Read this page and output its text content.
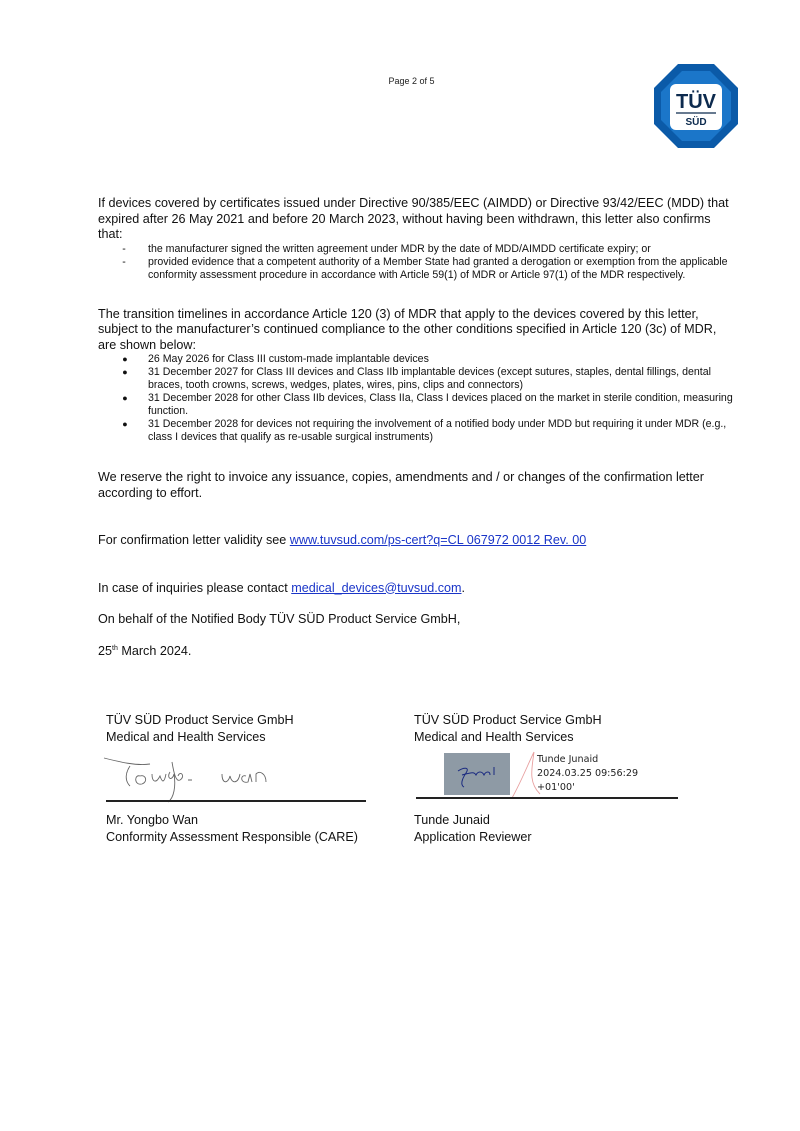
Page 2 of 5
TÜV
SÜD

If devices covered by certificates issued under Directive 90/385/EEC (AIMDD) or Directive 93/42/EEC (MDD) that expired after 26 May 2021 and before 20 March 2023, without having been withdrawn, this letter also confirms that:

-	the manufacturer signed the written agreement under MDR by the date of MDD/AIMDD certificate expiry; or
-	provided evidence that a competent authority of a Member State had granted a derogation or exemption from the applicable conformity assessment procedure in accordance with Article 59(1) of MDR or Article 97(1) of the MDR respectively.

The transition timelines in accordance Article 120 (3) of MDR that apply to the devices covered by this letter, subject to the manufacturer’s continued compliance to the other conditions specified in Article 120 (3c) of MDR, are shown below:

● 26 May 2026 for Class III custom-made implantable devices
● 31 December 2027 for Class III devices and Class IIb implantable devices (except sutures, staples, dental fillings, dental braces, tooth crowns, screws, wedges, plates, wires, pins, clips and connectors)
● 31 December 2028 for other Class IIb devices, Class IIa, Class I devices placed on the market in sterile condition, measuring function.
● 31 December 2028 for devices not requiring the involvement of a notified body under MDD but requiring it under MDR (e.g., class I devices that qualify as re-usable surgical instruments)

We reserve the right to invoice any issuance, copies, amendments and / or changes of the confirmation letter according to effort.

For confirmation letter validity see www.tuvsud.com/ps-cert?q=CL 067972 0012 Rev. 00

In case of inquiries please contact medical_devices@tuvsud.com.

On behalf of the Notified Body TÜV SÜD Product Service GmbH,

25th March 2024.

TÜV SÜD Product Service GmbH
Medical and Health Services
Mr. Yongbo Wan
Conformity Assessment Responsible (CARE)
TÜV SÜD Product Service GmbH
Medical and Health Services
Tunde Junaid
2024.03.25 09:56:29
+01'00'
Tunde Junaid
Application Reviewer
